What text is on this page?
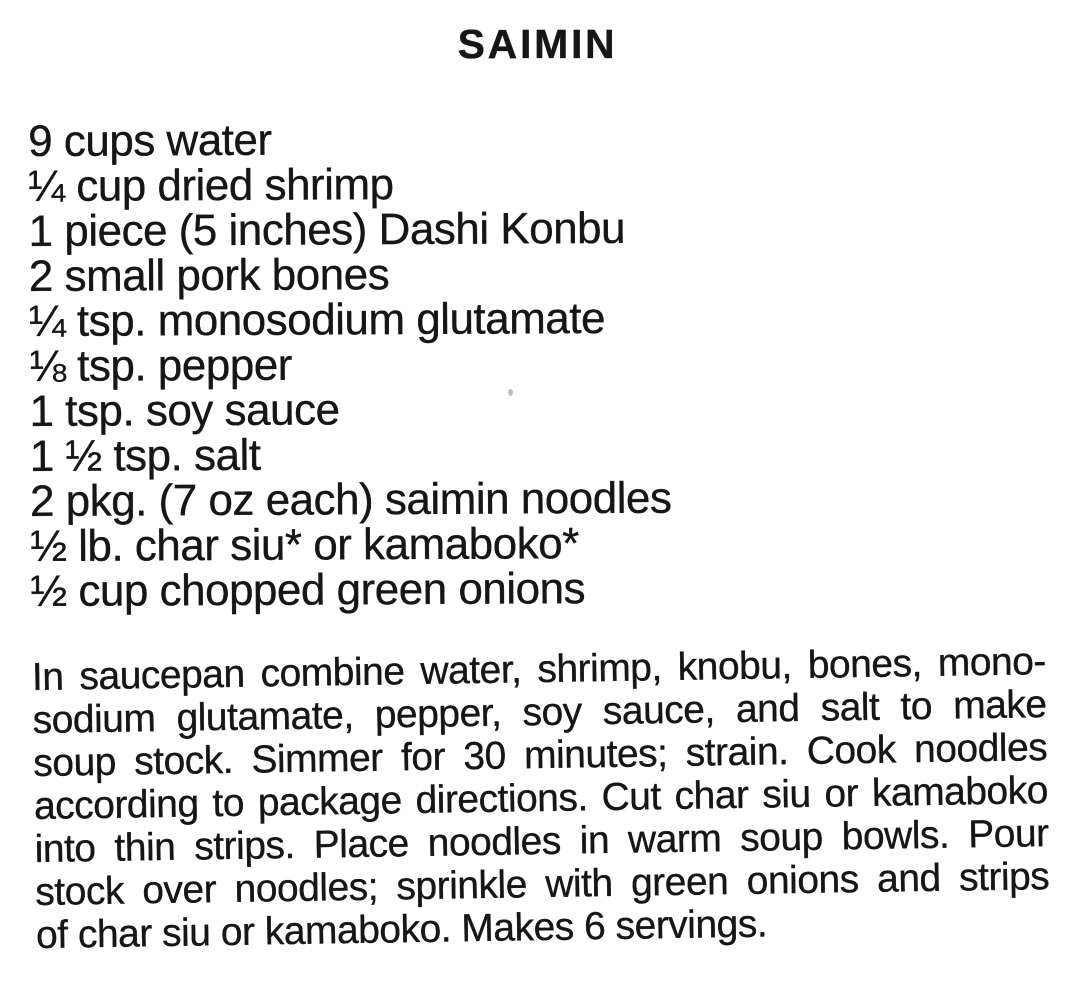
SAIMIN
9 cups water
¼ cup dried shrimp
1 piece (5 inches) Dashi Konbu
2 small pork bones
¼ tsp. monosodium glutamate
⅛ tsp. pepper
1 tsp. soy sauce
1 ½ tsp. salt
2 pkg. (7 oz each) saimin noodles
½ lb. char siu* or kamaboko*
½ cup chopped green onions
In saucepan combine water, shrimp, knobu, bones, mono-
sodium glutamate, pepper, soy sauce, and salt to make
soup stock. Simmer for 30 minutes; strain. Cook noodles
according to package directions. Cut char siu or kamaboko
into thin strips. Place noodles in warm soup bowls. Pour
stock over noodles; sprinkle with green onions and strips
of char siu or kamaboko. Makes 6 servings.
